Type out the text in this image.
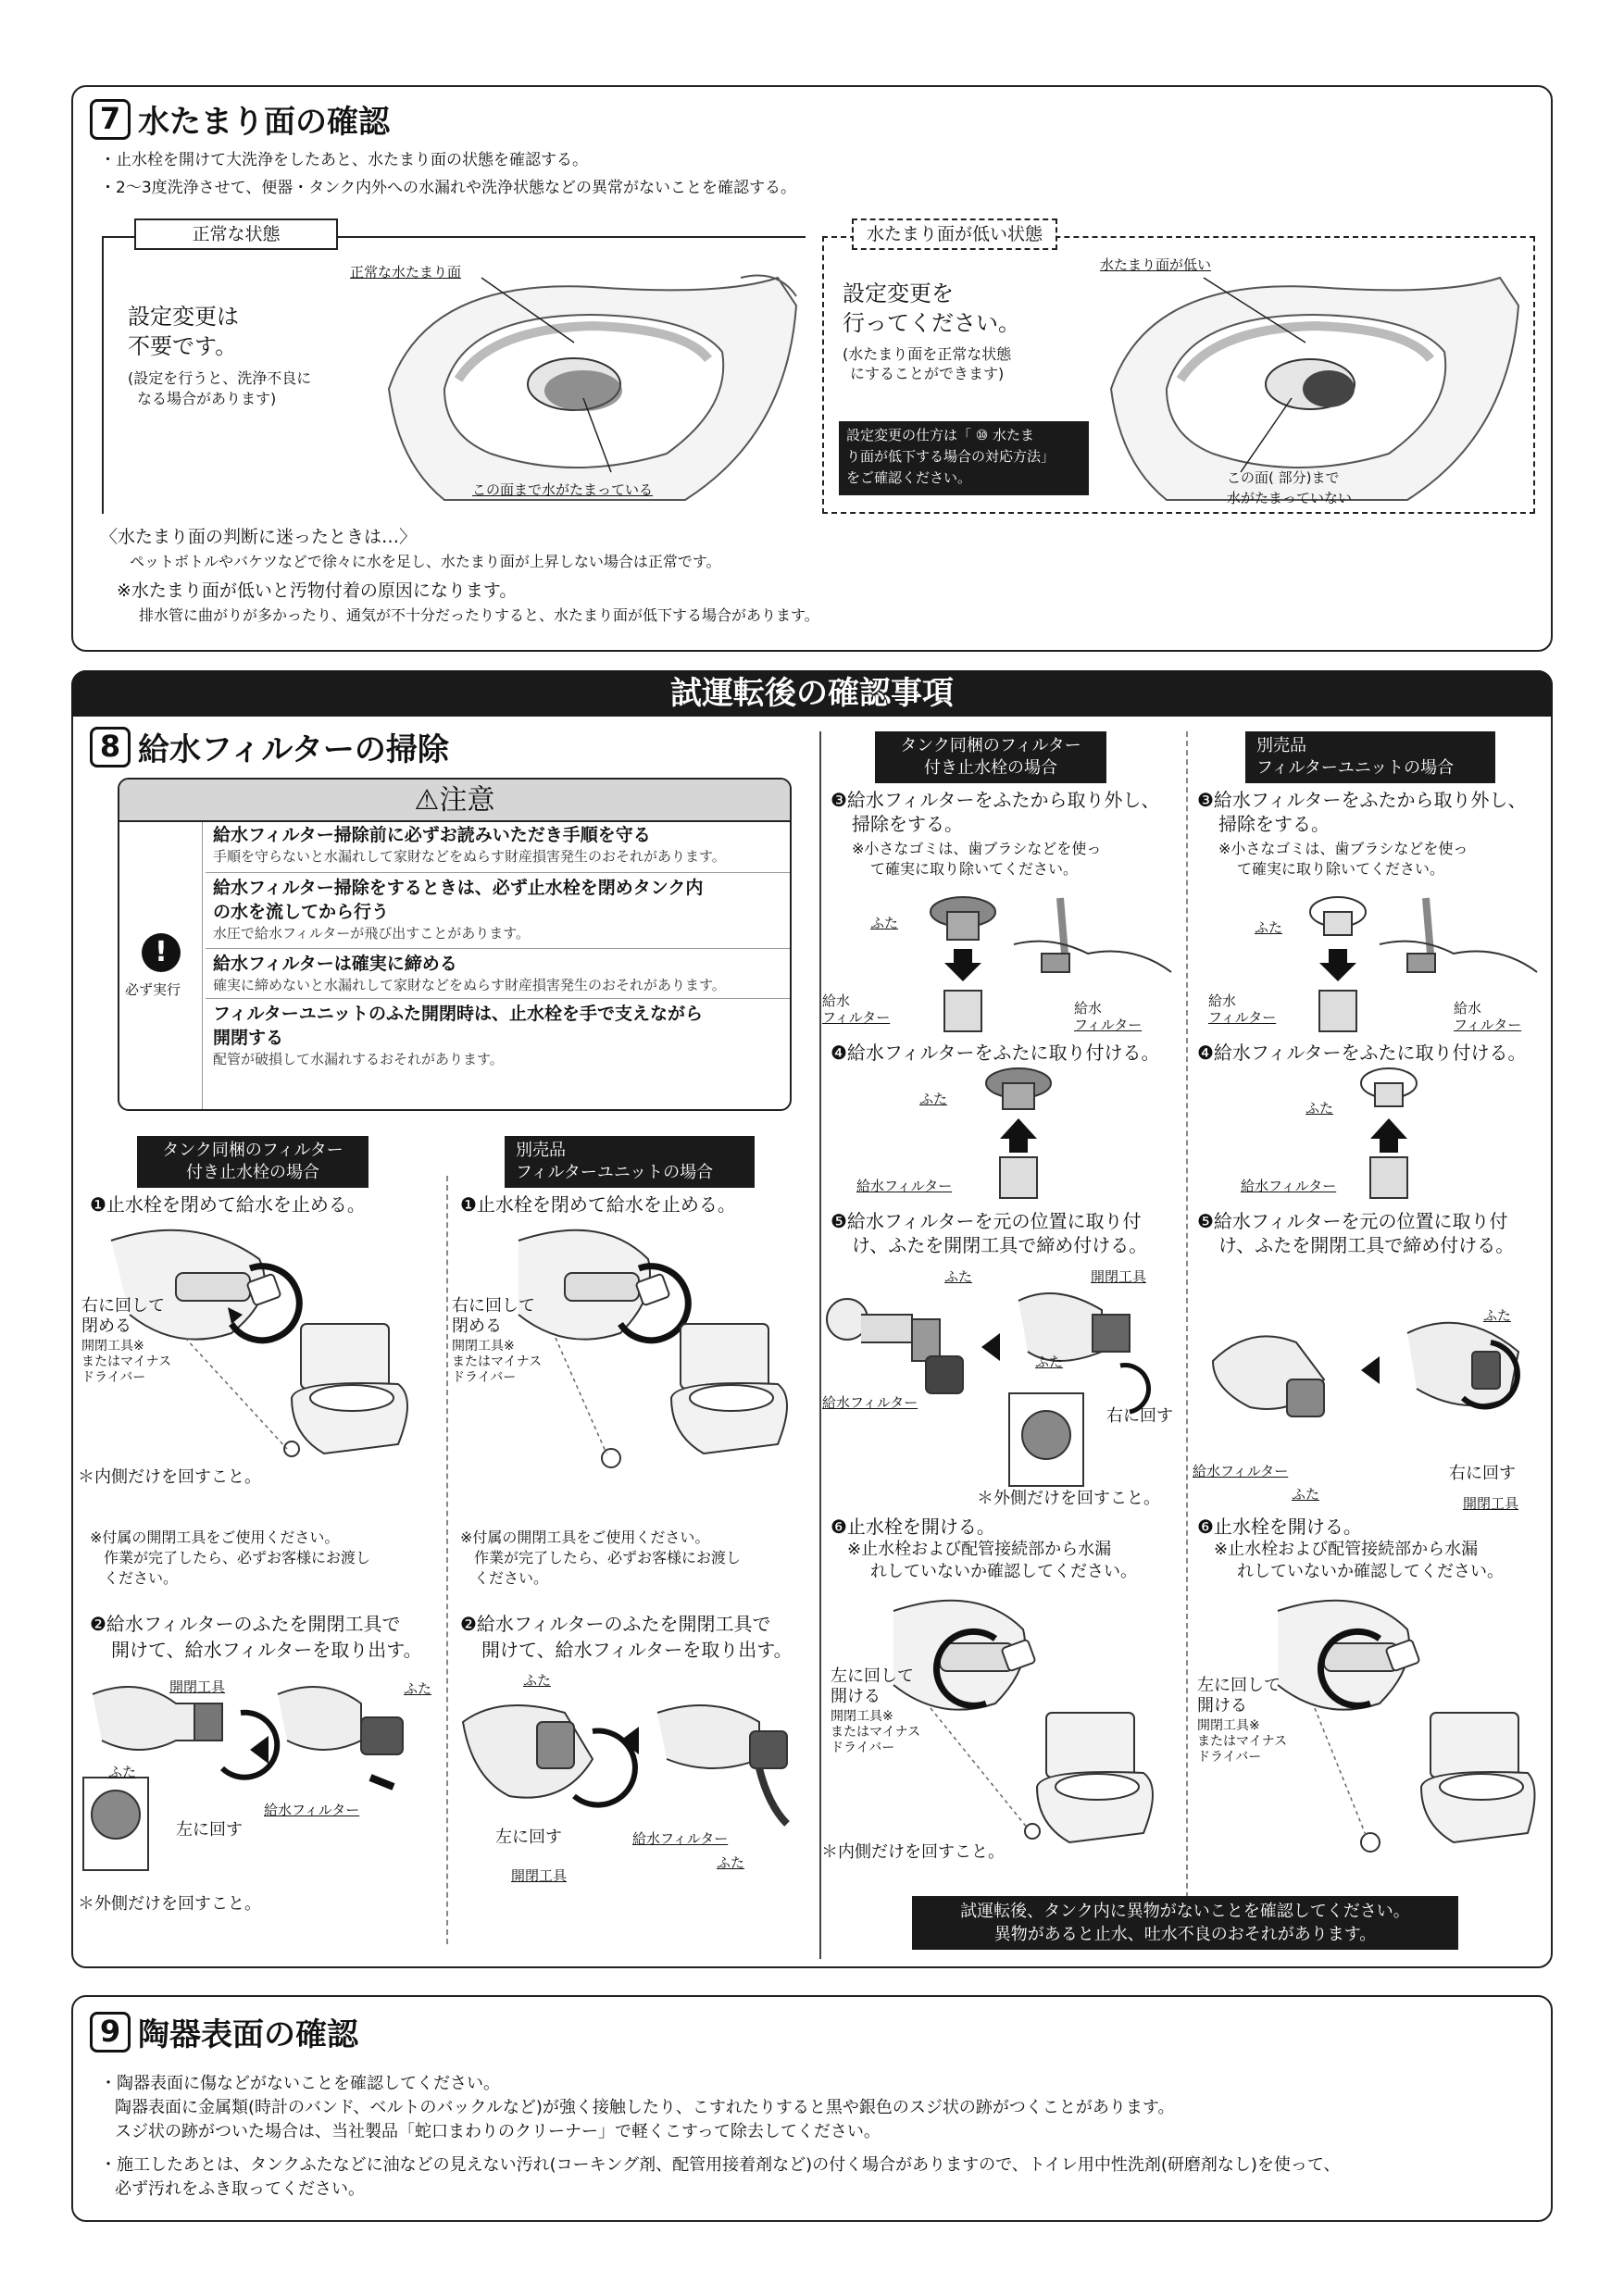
7 水たまり面の確認
・止水栓を開けて大洗浄をしたあと、水たまり面の状態を確認する。
・2～3度洗浄させて、便器・タンク内外への水漏れや洗浄状態などの異常がないことを確認する。
正常な状態
設定変更は
不要です。
(設定を行うと、洗浄不良に
なる場合があります)
正常な水たまり面
この面まで水がたまっている
水たまり面が低い状態
設定変更を
行ってください。
(水たまり面を正常な状態
にすることができます)
設定変更の仕方は「 ⑩ 水たま
り面が低下する場合の対応方法」
をご確認ください。
水たまり面が低い
この面( 部分)まで
水がたまっていない
〈水たまり面の判断に迷ったときは…〉
ペットボトルやバケツなどで徐々に水を足し、水たまり面が上昇しない場合は正常です。
※水たまり面が低いと汚物付着の原因になります。
排水管に曲がりが多かったり、通気が不十分だったりすると、水たまり面が低下する場合があります。
試運転後の確認事項
8 給水フィルターの掃除
⚠注意
!
必ず実行
給水フィルター掃除前に必ずお読みいただき手順を守る
手順を守らないと水漏れして家財などをぬらす財産損害発生のおそれがあります。
給水フィルター掃除をするときは、必ず止水栓を閉めタンク内
の水を流してから行う
水圧で給水フィルターが飛び出すことがあります。
給水フィルターは確実に締める
確実に締めないと水漏れして家財などをぬらす財産損害発生のおそれがあります。
フィルターユニットのふた開閉時は、止水栓を手で支えながら
開閉する
配管が破損して水漏れするおそれがあります。
タンク同梱のフィルター
付き止水栓の場合
別売品
フィルターユニットの場合
タンク同梱のフィルター
付き止水栓の場合
別売品
フィルターユニットの場合
❶止水栓を閉めて給水を止める。
右に回して
閉める
開閉工具※
またはマイナス
ドライバー
＊内側だけを回すこと。
※付属の開閉工具をご使用ください。
作業が完了したら、必ずお客様にお渡し
ください。
❷給水フィルターのふたを開閉工具で
開けて、給水フィルターを取り出す。
開閉工具
ふた
ふた
給水フィルター
左に回す
＊外側だけを回すこと。
❶止水栓を閉めて給水を止める。
右に回して
閉める
開閉工具※
またはマイナス
ドライバー
※付属の開閉工具をご使用ください。
作業が完了したら、必ずお客様にお渡し
ください。
❷給水フィルターのふたを開閉工具で
開けて、給水フィルターを取り出す。
ふた
左に回す	給水フィルター
ふた
開閉工具
❸給水フィルターをふたから取り外し、
掃除をする。
※小さなゴミは、歯ブラシなどを使っ
て確実に取り除いてください。
ふた
給水
フィルター
給水
フィルター
❹給水フィルターをふたに取り付ける。
ふた
給水フィルター
❺給水フィルターを元の位置に取り付
け、ふたを開閉工具で締め付ける。
ふた	開閉工具
ふた
給水フィルター
右に回す
＊外側だけを回すこと。
❻止水栓を開ける。
※止水栓および配管接続部から水漏
れしていないか確認してください。
左に回して
開ける
開閉工具※
またはマイナス
ドライバー
＊内側だけを回すこと。
❸給水フィルターをふたから取り外し、
掃除をする。
※小さなゴミは、歯ブラシなどを使っ
て確実に取り除いてください。
ふた
給水
フィルター
給水
フィルター
❹給水フィルターをふたに取り付ける。
ふた
給水フィルター
❺給水フィルターを元の位置に取り付
け、ふたを開閉工具で締め付ける。
ふた
右に回す
給水フィルター
ふた
開閉工具
❻止水栓を開ける。
※止水栓および配管接続部から水漏
れしていないか確認してください。
左に回して
開ける
開閉工具※
またはマイナス
ドライバー
試運転後、タンク内に異物がないことを確認してください。
異物があると止水、吐水不良のおそれがあります。
9 陶器表面の確認
・陶器表面に傷などがないことを確認してください。
陶器表面に金属類(時計のバンド、ベルトのバックルなど)が強く接触したり、こすれたりすると黒や銀色のスジ状の跡がつくことがあります。
スジ状の跡がついた場合は、当社製品「蛇口まわりのクリーナー」で軽くこすって除去してください。
・施工したあとは、タンクふたなどに油などの見えない汚れ(コーキング剤、配管用接着剤など)の付く場合がありますので、トイレ用中性洗剤(研磨剤なし)を使って、
必ず汚れをふき取ってください。
